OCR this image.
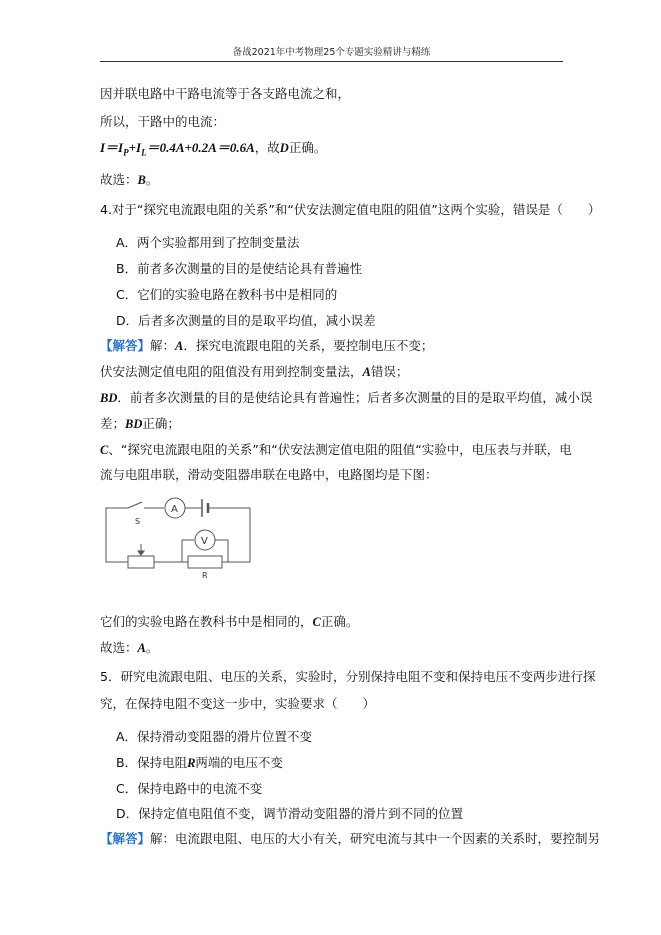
备战2021年中考物理25个专题实验精讲与精练
因并联电路中干路电流等于各支路电流之和，
所以，干路中的电流：
$I=I_P+I_L=0.4A+0.2A=0.6A$，故D正确。
故选：B。
4.对于“探究电流跟电阻的关系”和“伏安法测定值电阻的阻值”这两个实验，错误是（　　）
A．两个实验都用到了控制变量法
B．前者多次测量的目的是使结论具有普遍性
C．它们的实验电路在教科书中是相同的
D．后者多次测量的目的是取平均值，减小误差
【解答】解：A．探究电流跟电阻的关系，要控制电压不变；
伏安法测定值电阻的阻值没有用到控制变量法，A错误；
BD．前者多次测量的目的是使结论具有普遍性；后者多次测量的目的是取平均值，减小误
差；BD正确；
C、“探究电流跟电阻的关系”和“伏安法测定值电阻的阻值“实验中，电压表与并联，电
流与电阻串联，滑动变阻器串联在电路中，电路图均是下图：
S
A
V
R
它们的实验电路在教科书中是相同的，C正确。
故选：A。
5．研究电流跟电阻、电压的关系，实验时，分别保持电阻不变和保持电压不变两步进行探
究，在保持电阻不变这一步中，实验要求（　　）
A．保持滑动变阻器的滑片位置不变
B．保持电阻R两端的电压不变
C．保持电路中的电流不变
D．保持定值电阻值不变，调节滑动变阻器的滑片到不同的位置
【解答】解：电流跟电阻、电压的大小有关，研究电流与其中一个因素的关系时，要控制另
